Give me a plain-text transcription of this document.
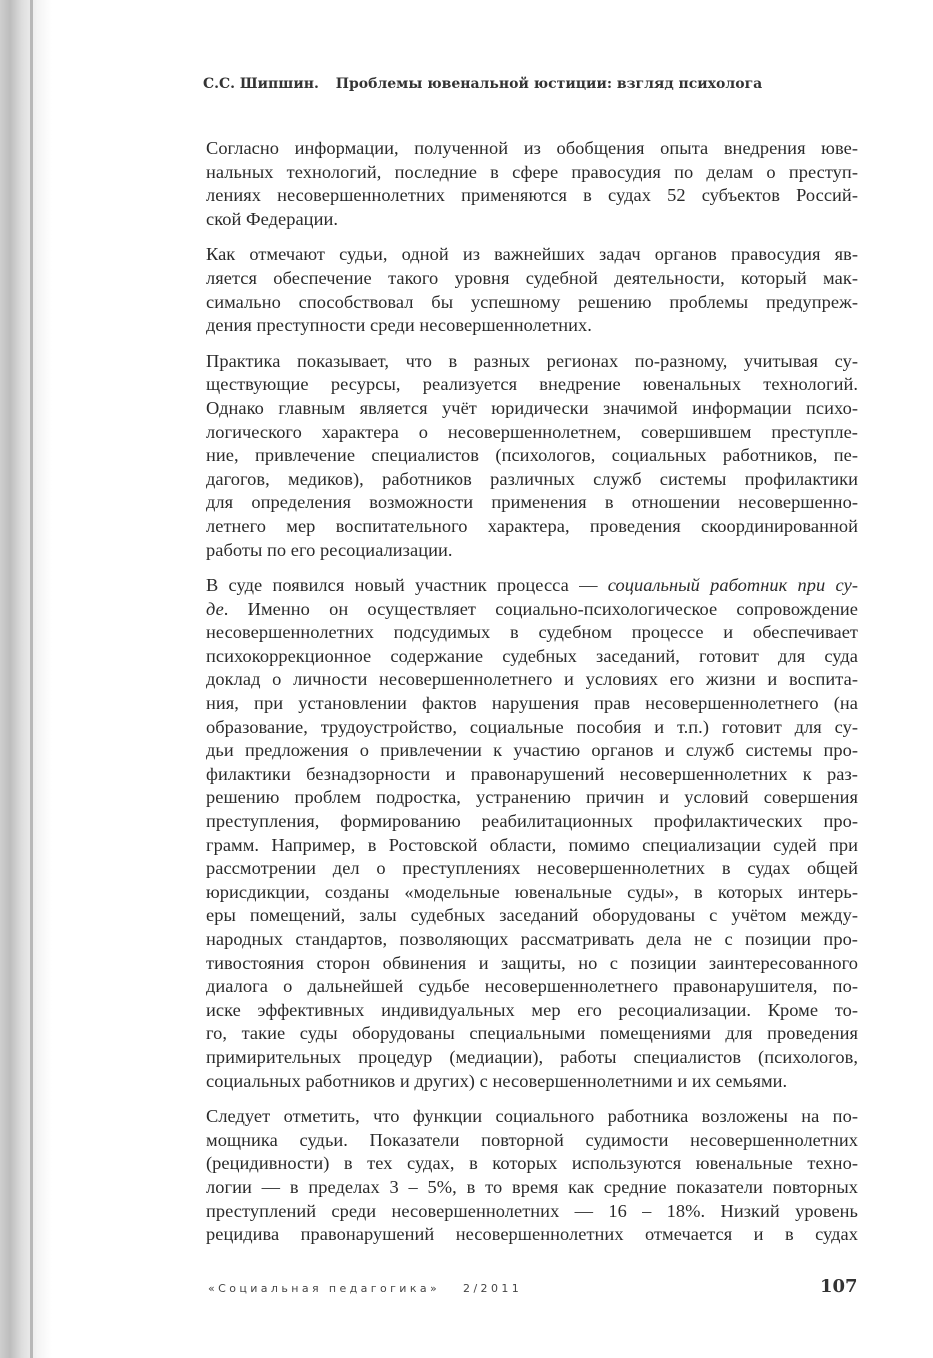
С.С. Шипшин. Проблемы ювенальной юстиции: взгляд психолога
Согласно информации, полученной из обобщения опыта внедрения юве-
нальных технологий, последние в сфере правосудия по делам о преступ-
лениях несовершеннолетних применяются в судах 52 субъектов Россий-
ской Федерации.
Как отмечают судьи, одной из важнейших задач органов правосудия яв-
ляется обеспечение такого уровня судебной деятельности, который мак-
симально способствовал бы успешному решению проблемы предупреж-
дения преступности среди несовершеннолетних.
Практика показывает, что в разных регионах по-разному, учитывая су-
ществующие ресурсы, реализуется внедрение ювенальных технологий.
Однако главным является учёт юридически значимой информации психо-
логического характера о несовершеннолетнем, совершившем преступле-
ние, привлечение специалистов (психологов, социальных работников, пе-
дагогов, медиков), работников различных служб системы профилактики
для определения возможности применения в отношении несовершенно-
летнего мер воспитательного характера, проведения скоординированной
работы по его ресоциализации.
В суде появился новый участник процесса — социальный работник при су-
де. Именно он осуществляет социально-психологическое сопровождение
несовершеннолетних подсудимых в судебном процессе и обеспечивает
психокоррекционное содержание судебных заседаний, готовит для суда
доклад о личности несовершеннолетнего и условиях его жизни и воспита-
ния, при установлении фактов нарушения прав несовершеннолетнего (на
образование, трудоустройство, социальные пособия и т.п.) готовит для су-
дьи предложения о привлечении к участию органов и служб системы про-
филактики безнадзорности и правонарушений несовершеннолетних к раз-
решению проблем подростка, устранению причин и условий совершения
преступления, формированию реабилитационных профилактических про-
грамм. Например, в Ростовской области, помимо специализации судей при
рассмотрении дел о преступлениях несовершеннолетних в судах общей
юрисдикции, созданы «модельные ювенальные суды», в которых интерь-
еры помещений, залы судебных заседаний оборудованы с учётом между-
народных стандартов, позволяющих рассматривать дела не с позиции про-
тивостояния сторон обвинения и защиты, но с позиции заинтересованного
диалога о дальнейшей судьбе несовершеннолетнего правонарушителя, по-
иске эффективных индивидуальных мер его ресоциализации. Кроме то-
го, такие суды оборудованы специальными помещениями для проведения
примирительных процедур (медиации), работы специалистов (психологов,
социальных работников и других) с несовершеннолетними и их семьями.
Следует отметить, что функции социального работника возложены на по-
мощника судьи. Показатели повторной судимости несовершеннолетних
(рецидивности) в тех судах, в которых используются ювенальные техно-
логии — в пределах 3 – 5%, в то время как средние показатели повторных
преступлений среди несовершеннолетних — 16 – 18%. Низкий уровень
рецидива правонарушений несовершеннолетних отмечается и в судах
«Социальная педагогика» 2/2011	107
